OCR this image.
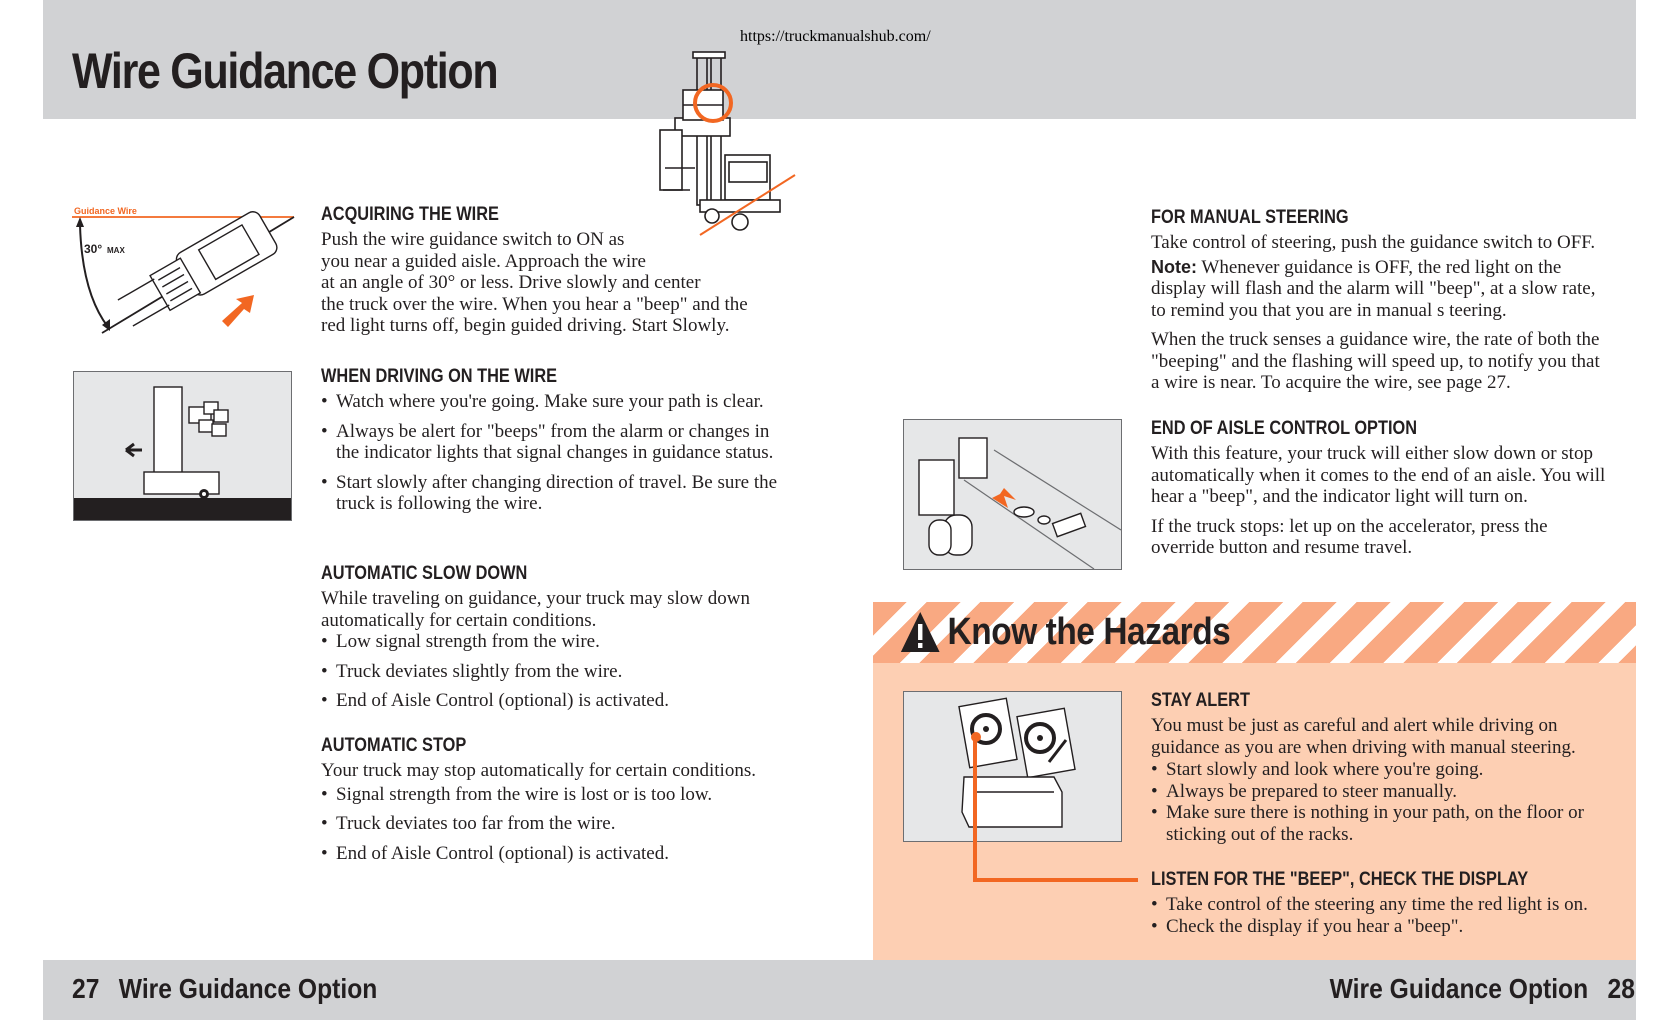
Wire Guidance Option
https://truckmanualshub.com/
Guidance Wire
30° MAX
ACQUIRING THE WIRE
Push the wire guidance switch to ON as
you near a guided aisle. Approach the wire
at an angle of 30° or less. Drive slowly and center
the truck over the wire. When you hear a "beep" and the
red light turns off, begin guided driving. Start Slowly.
WHEN DRIVING ON THE WIRE
• Watch where you're going. Make sure your path is clear.
• Always be alert for "beeps" from the alarm or changes in the indicator lights that signal changes in guidance status.
• Start slowly after changing direction of travel. Be sure the truck is following the wire.
AUTOMATIC SLOW DOWN

While traveling on guidance, your truck may slow down automatically for certain conditions.

• Low signal strength from the wire.
• Truck deviates slightly from the wire.
• End of Aisle Control (optional) is activated.
AUTOMATIC STOP

Your truck may stop automatically for certain conditions.

• Signal strength from the wire is lost or is too low.
• Truck deviates too far from the wire.
• End of Aisle Control (optional) is activated.
FOR MANUAL STEERING

Take control of steering, push the guidance switch to OFF.

Note: Whenever guidance is OFF, the red light on the display will flash and the alarm will "beep", at a slow rate, to remind you that you are in manual s teering.

When the truck senses a guidance wire, the rate of both the "beeping" and the flashing will speed up, to notify you that a wire is near. To acquire the wire, see page 27.

END OF AISLE CONTROL OPTION

With this feature, your truck will either slow down or stop automatically when it comes to the end of an aisle. You will hear a "beep", and the indicator light will turn on.

If the truck stops: let up on the accelerator, press the override button and resume travel.

Know the Hazards
STAY ALERT

You must be just as careful and alert while driving on guidance as you are when driving with manual steering.

• Start slowly and look where you're going.
• Always be prepared to steer manually.
• Make sure there is nothing in your path, on the floor or sticking out of the racks.
LISTEN FOR THE "BEEP", CHECK THE DISPLAY
• Take control of the steering any time the red light is on.
• Check the display if you hear a "beep".
27 Wire Guidance Option	Wire Guidance Option 28
